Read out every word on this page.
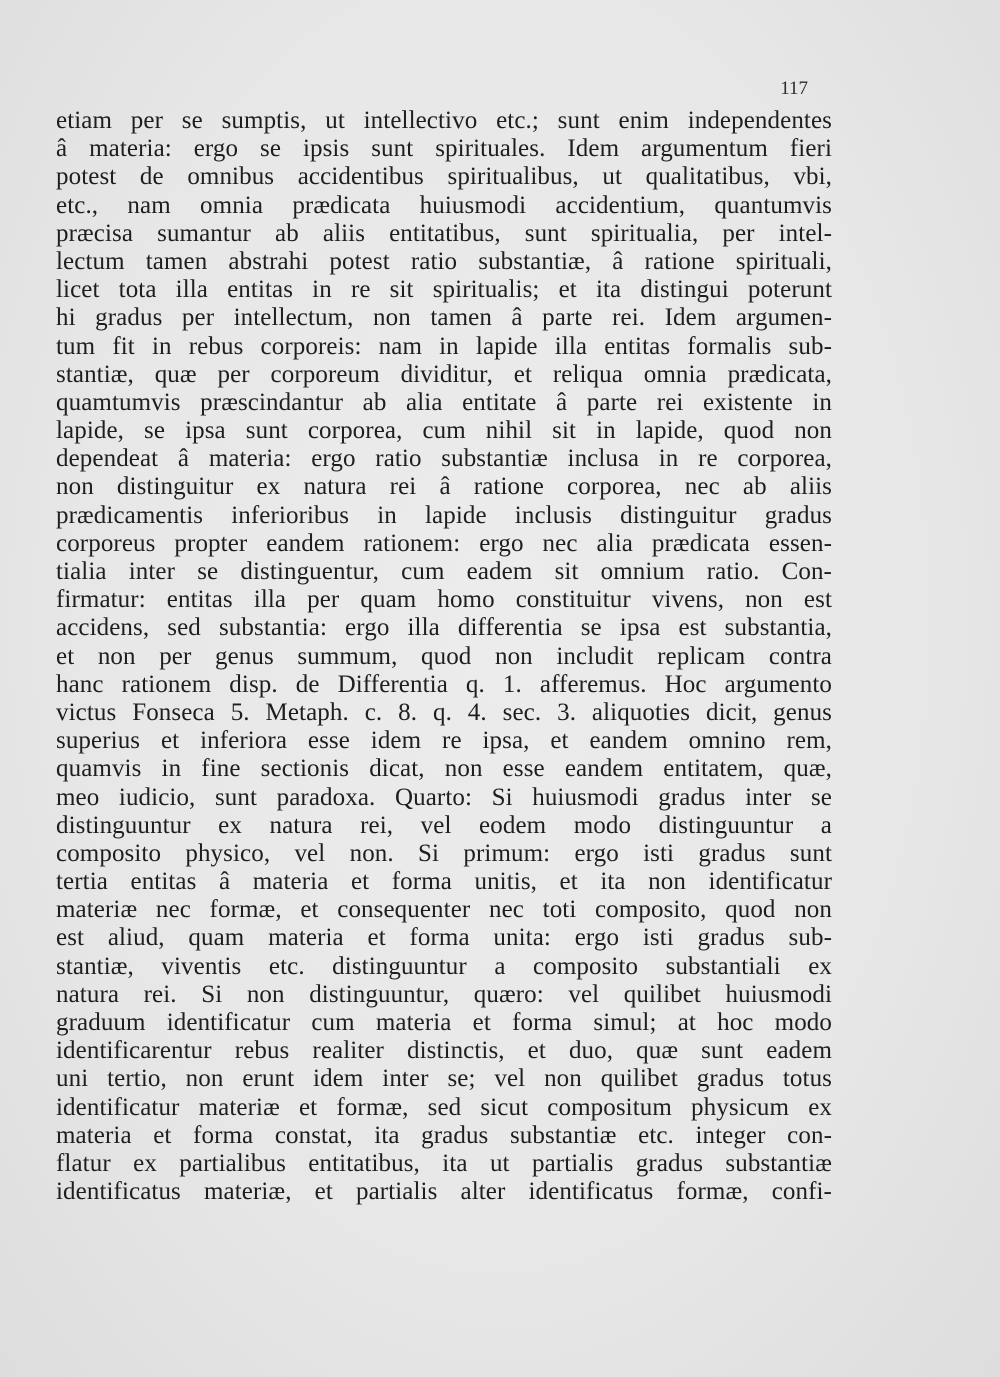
117
etiam per se sumptis, ut intellectivo etc.; sunt enim independentes
â materia: ergo se ipsis sunt spirituales. Idem argumentum fieri
potest de omnibus accidentibus spiritualibus, ut qualitatibus, vbi,
etc., nam omnia prædicata huiusmodi accidentium, quantumvis
præcisa sumantur ab aliis entitatibus, sunt spiritualia, per intel-
lectum tamen abstrahi potest ratio substantiæ, â ratione spirituali,
licet tota illa entitas in re sit spiritualis; et ita distingui poterunt
hi gradus per intellectum, non tamen â parte rei. Idem argumen-
tum fit in rebus corporeis: nam in lapide illa entitas formalis sub-
stantiæ, quæ per corporeum dividitur, et reliqua omnia prædicata,
quamtumvis præscindantur ab alia entitate â parte rei existente in
lapide, se ipsa sunt corporea, cum nihil sit in lapide, quod non
dependeat â materia: ergo ratio substantiæ inclusa in re corporea,
non distinguitur ex natura rei â ratione corporea, nec ab aliis
prædicamentis inferioribus in lapide inclusis distinguitur gradus
corporeus propter eandem rationem: ergo nec alia prædicata essen-
tialia inter se distinguentur, cum eadem sit omnium ratio. Con-
firmatur: entitas illa per quam homo constituitur vivens, non est
accidens, sed substantia: ergo illa differentia se ipsa est substantia,
et non per genus summum, quod non includit replicam contra
hanc rationem disp. de Differentia q. 1. afferemus. Hoc argumento
victus Fonseca 5. Metaph. c. 8. q. 4. sec. 3. aliquoties dicit, genus
superius et inferiora esse idem re ipsa, et eandem omnino rem,
quamvis in fine sectionis dicat, non esse eandem entitatem, quæ,
meo iudicio, sunt paradoxa. Quarto: Si huiusmodi gradus inter se
distinguuntur ex natura rei, vel eodem modo distinguuntur a
composito physico, vel non. Si primum: ergo isti gradus sunt
tertia entitas â materia et forma unitis, et ita non identificatur
materiæ nec formæ, et consequenter nec toti composito, quod non
est aliud, quam materia et forma unita: ergo isti gradus sub-
stantiæ, viventis etc. distinguuntur a composito substantiali ex
natura rei. Si non distinguuntur, quæro: vel quilibet huiusmodi
graduum identificatur cum materia et forma simul; at hoc modo
identificarentur rebus realiter distinctis, et duo, quæ sunt eadem
uni tertio, non erunt idem inter se; vel non quilibet gradus totus
identificatur materiæ et formæ, sed sicut compositum physicum ex
materia et forma constat, ita gradus substantiæ etc. integer con-
flatur ex partialibus entitatibus, ita ut partialis gradus substantiæ
identificatus materiæ, et partialis alter identificatus formæ, confi-
